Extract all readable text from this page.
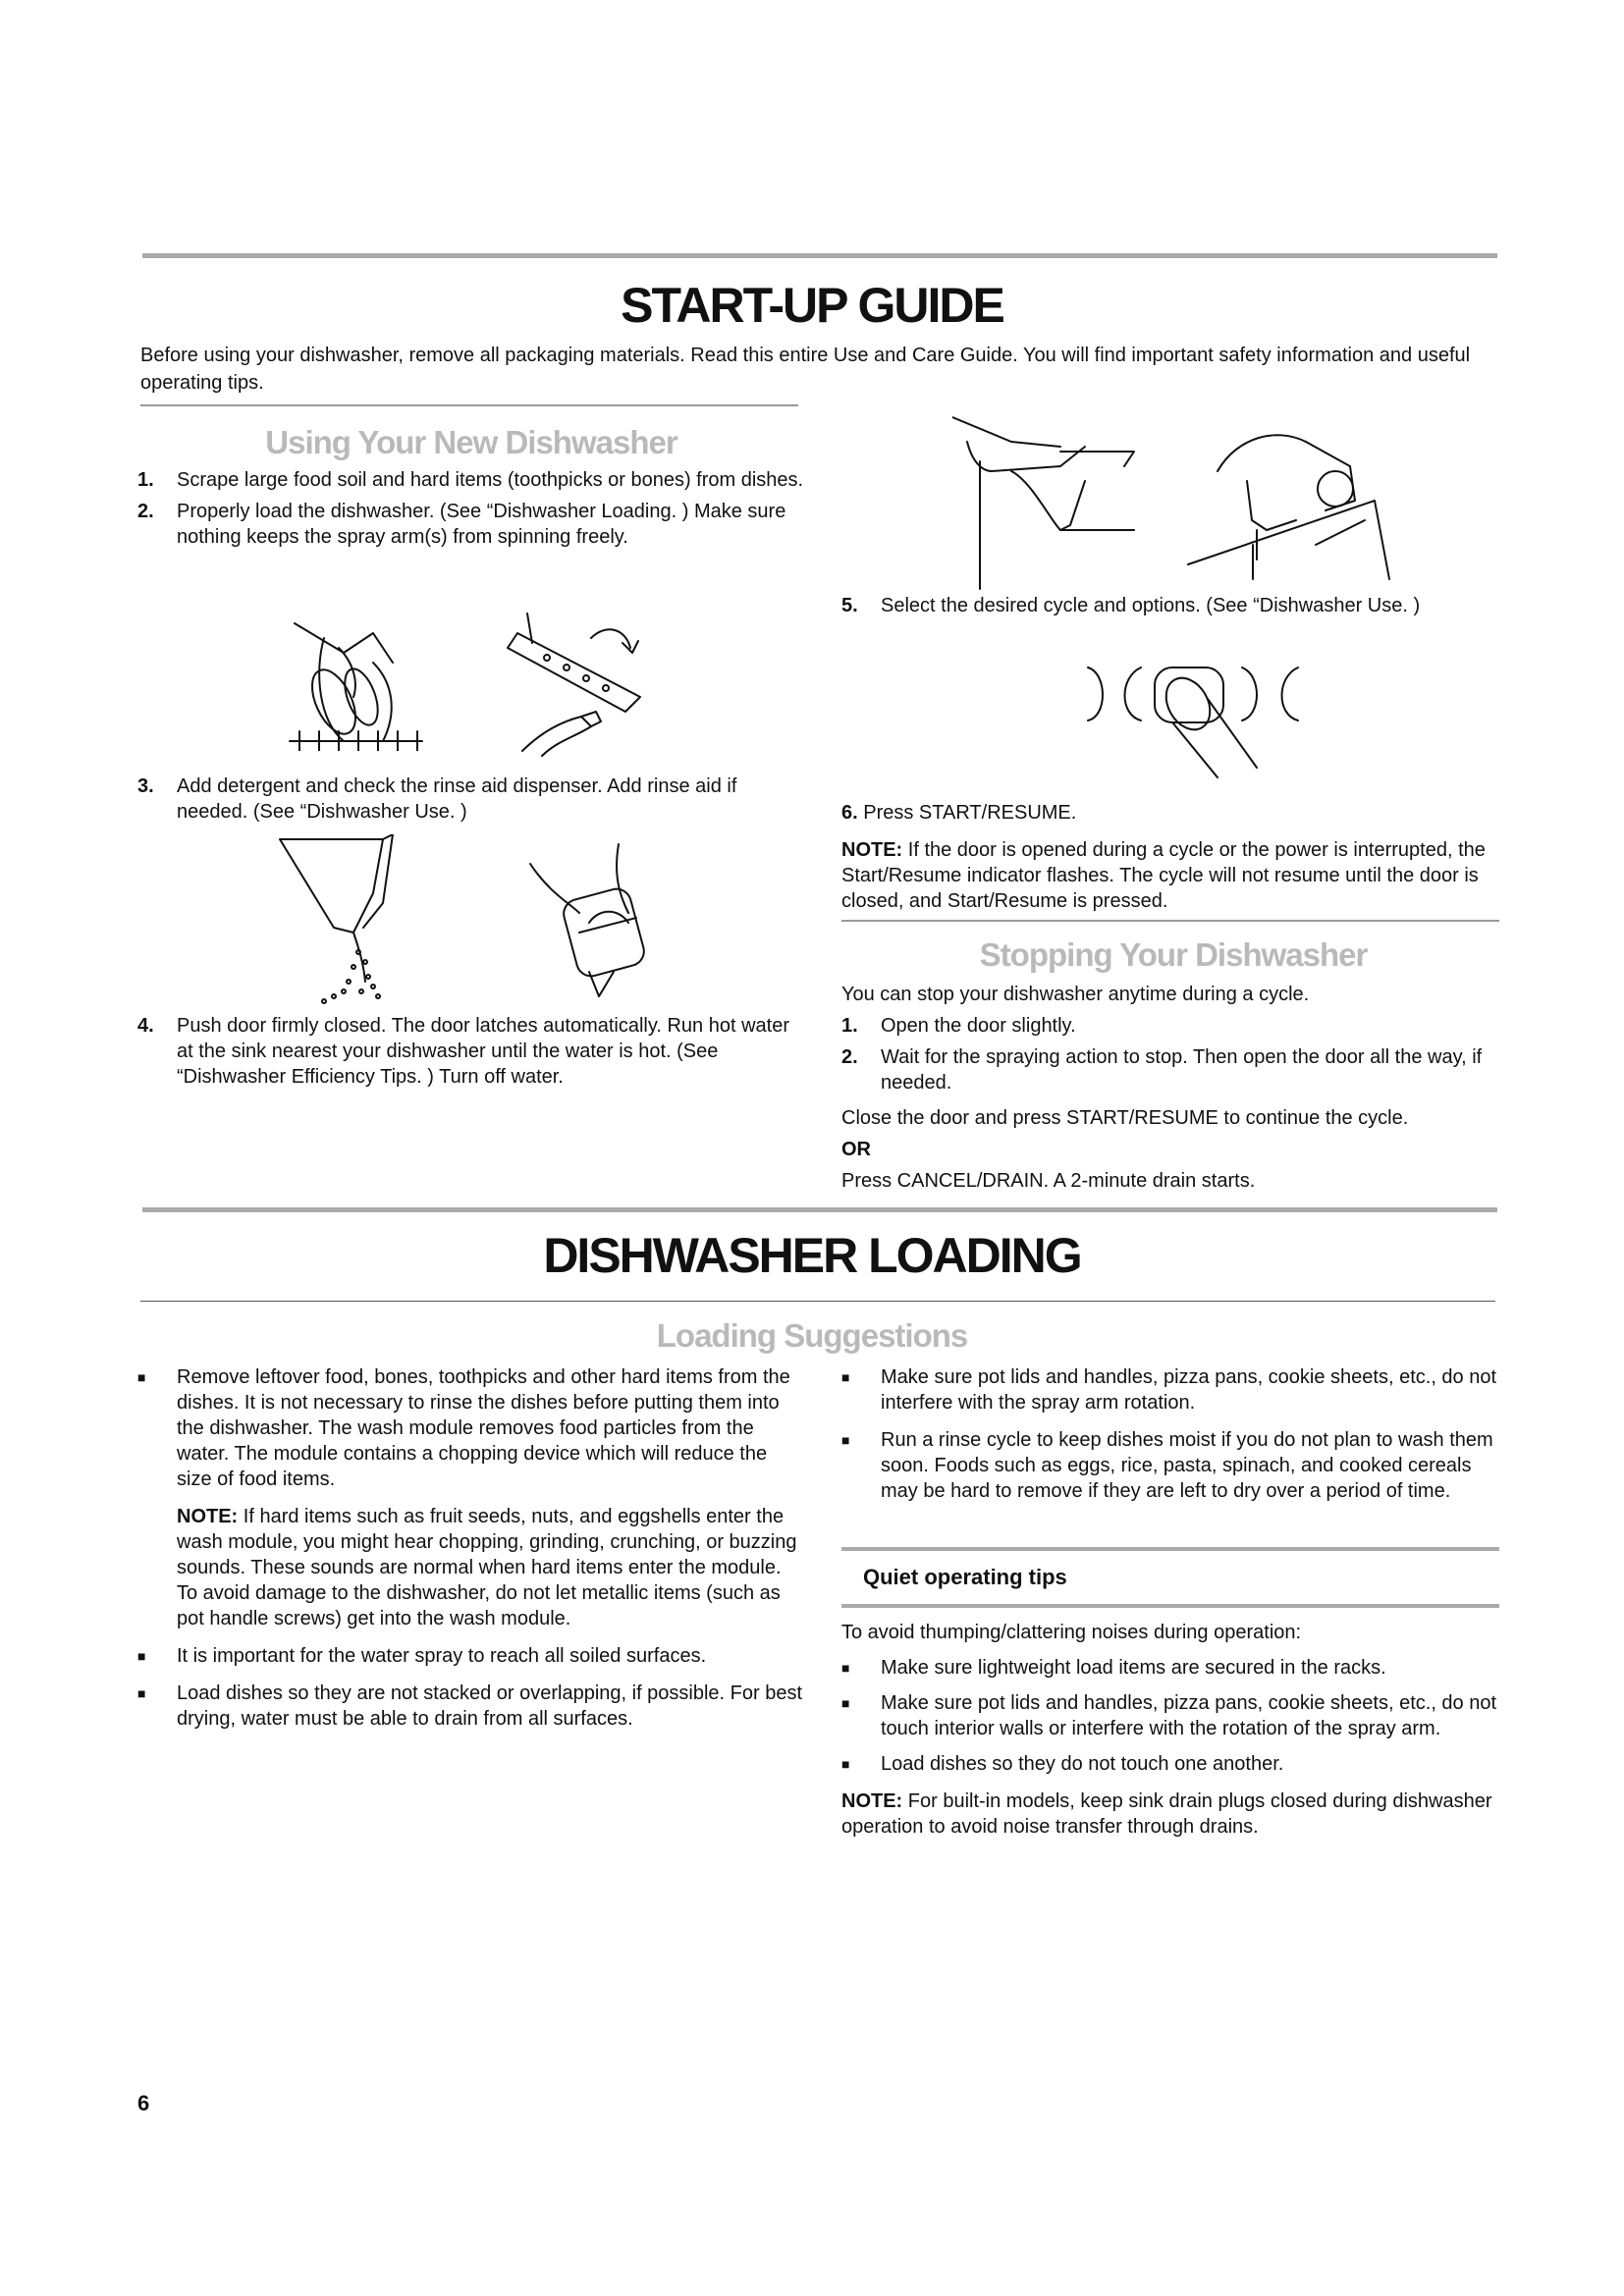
START-UP GUIDE
Before using your dishwasher, remove all packaging materials. Read this entire Use and Care Guide. You will find important safety information and useful operating tips.
Using Your New Dishwasher

1. Scrape large food soil and hard items (toothpicks or bones) from dishes.

2. Properly load the dishwasher. (See “Dishwasher Loading. ) Make sure nothing keeps the spray arm(s) from spinning freely.

3. Add detergent and check the rinse aid dispenser. Add rinse aid if needed. (See “Dishwasher Use. )

4. Push door firmly closed. The door latches automatically. Run hot water at the sink nearest your dishwasher until the water is hot. (See “Dishwasher Efficiency Tips. ) Turn off water.

5. Select the desired cycle and options. (See “Dishwasher Use. )

6. Press START/RESUME.

NOTE: If the door is opened during a cycle or the power is interrupted, the Start/Resume indicator flashes. The cycle will not resume until the door is closed, and Start/Resume is pressed.

Stopping Your Dishwasher

You can stop your dishwasher anytime during a cycle.

1. Open the door slightly.

2. Wait for the spraying action to stop. Then open the door all the way, if needed.

Close the door and press START/RESUME to continue the cycle.

OR

Press CANCEL/DRAIN. A 2-minute drain starts.

DISHWASHER LOADING
Loading Suggestions

■ Remove leftover food, bones, toothpicks and other hard items from the dishes. It is not necessary to rinse the dishes before putting them into the dishwasher. The wash module removes food particles from the water. The module contains a chopping device which will reduce the size of food items.

NOTE: If hard items such as fruit seeds, nuts, and eggshells enter the wash module, you might hear chopping, grinding, crunching, or buzzing sounds. These sounds are normal when hard items enter the module. To avoid damage to the dishwasher, do not let metallic items (such as pot handle screws) get into the wash module.

■ It is important for the water spray to reach all soiled surfaces.

■ Load dishes so they are not stacked or overlapping, if possible. For best drying, water must be able to drain from all surfaces.

■ Make sure pot lids and handles, pizza pans, cookie sheets, etc., do not interfere with the spray arm rotation.

■ Run a rinse cycle to keep dishes moist if you do not plan to wash them soon. Foods such as eggs, rice, pasta, spinach, and cooked cereals may be hard to remove if they are left to dry over a period of time.

Quiet operating tips

To avoid thumping/clattering noises during operation:

■ Make sure lightweight load items are secured in the racks.

■ Make sure pot lids and handles, pizza pans, cookie sheets, etc., do not touch interior walls or interfere with the rotation of the spray arm.

■ Load dishes so they do not touch one another.

NOTE: For built-in models, keep sink drain plugs closed during dishwasher operation to avoid noise transfer through drains.

6
